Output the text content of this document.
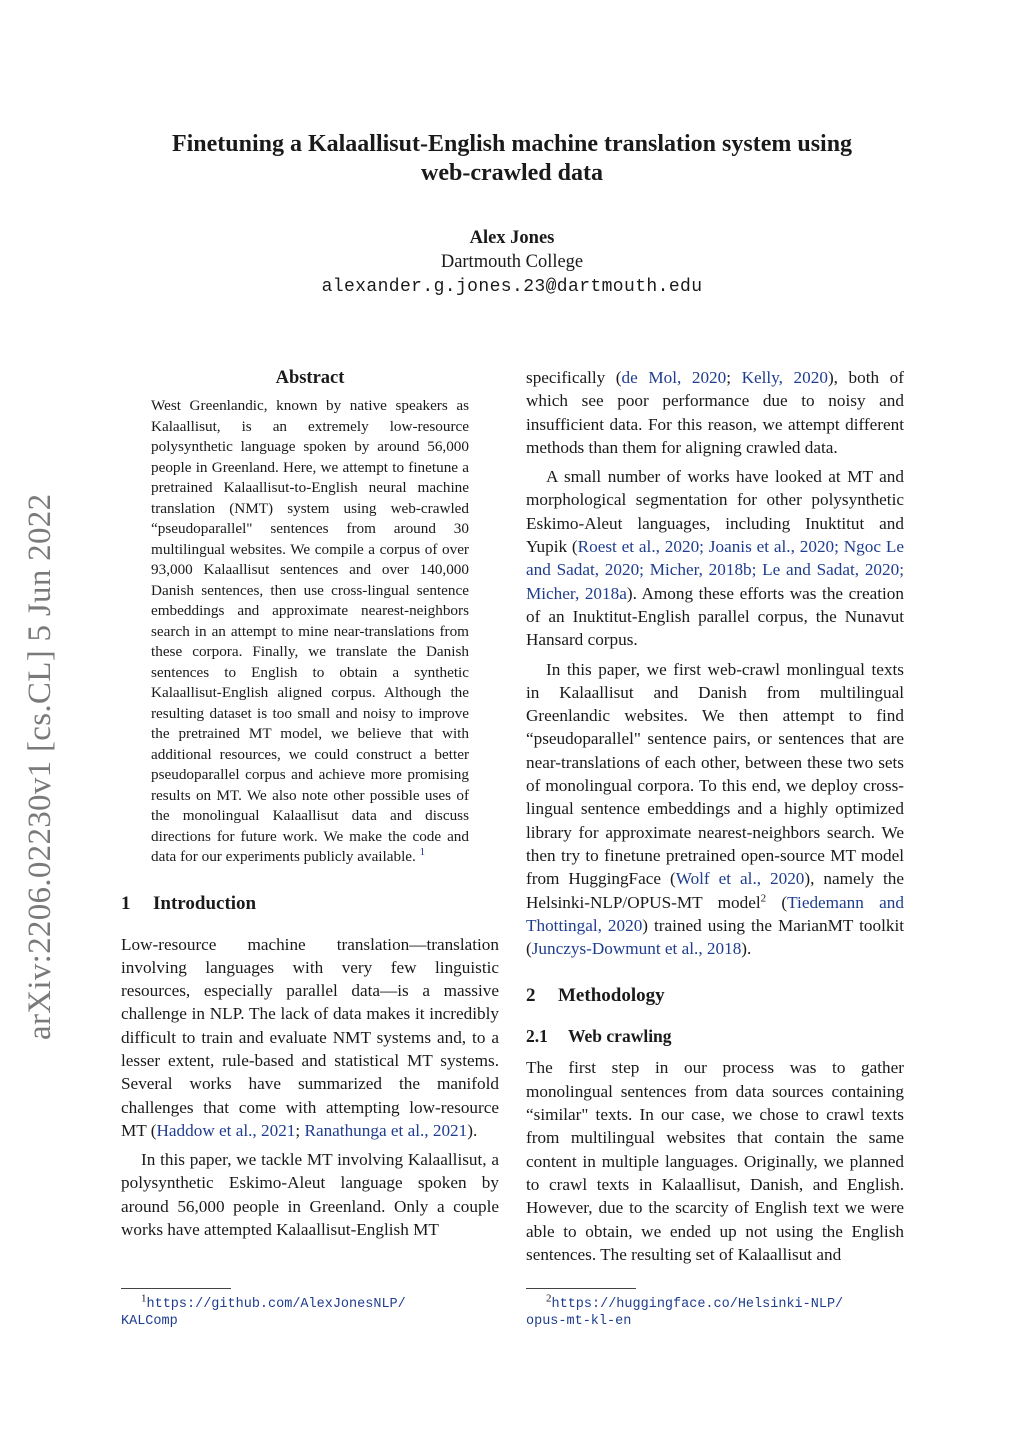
arXiv:2206.02230v1 [cs.CL] 5 Jun 2022
Finetuning a Kalaallisut-English machine translation system using
web-crawled data
Alex Jones
Dartmouth College
alexander.g.jones.23@dartmouth.edu
Abstract
West Greenlandic, known by native speakers as Kalaallisut, is an extremely low-resource polysynthetic language spoken by around 56,000 people in Greenland. Here, we attempt to finetune a pretrained Kalaallisut-to-English neural machine translation (NMT) system using web-crawled “pseudoparallel" sentences from around 30 multilingual websites. We compile a corpus of over 93,000 Kalaallisut sentences and over 140,000 Danish sentences, then use cross-lingual sentence embeddings and approximate nearest-neighbors search in an attempt to mine near-translations from these corpora. Finally, we translate the Danish sentences to English to obtain a synthetic Kalaallisut-English aligned corpus. Although the resulting dataset is too small and noisy to improve the pretrained MT model, we believe that with additional resources, we could construct a better pseudoparallel corpus and achieve more promising results on MT. We also note other possible uses of the monolingual Kalaallisut data and discuss directions for future work. We make the code and data for our experiments publicly available. $^1$
1 Introduction

Low-resource machine translation—translation involving languages with very few linguistic resources, especially parallel data—is a massive challenge in NLP. The lack of data makes it incredibly difficult to train and evaluate NMT systems and, to a lesser extent, rule-based and statistical MT systems. Several works have summarized the manifold challenges that come with attempting low-resource MT (Haddow et al., 2021; Ranathunga et al., 2021).

In this paper, we tackle MT involving Kalaallisut, a polysynthetic Eskimo-Aleut language spoken by around 56,000 people in Greenland. Only a couple works have attempted Kalaallisut-English MT

specifically (de Mol, 2020; Kelly, 2020), both of which see poor performance due to noisy and insufficient data. For this reason, we attempt different methods than them for aligning crawled data.

A small number of works have looked at MT and morphological segmentation for other polysynthetic Eskimo-Aleut languages, including Inuktitut and Yupik (Roest et al., 2020; Joanis et al., 2020; Ngoc Le and Sadat, 2020; Micher, 2018b; Le and Sadat, 2020; Micher, 2018a). Among these efforts was the creation of an Inuktitut-English parallel corpus, the Nunavut Hansard corpus.

In this paper, we first web-crawl monlingual texts in Kalaallisut and Danish from multilingual Greenlandic websites. We then attempt to find “pseudoparallel" sentence pairs, or sentences that are near-translations of each other, between these two sets of monolingual corpora. To this end, we deploy cross-lingual sentence embeddings and a highly optimized library for approximate nearest-neighbors search. We then try to finetune pretrained open-source MT model from HuggingFace (Wolf et al., 2020), namely the Helsinki-NLP/OPUS-MT model$^2$ (Tiedemann and Thottingal, 2020) trained using the MarianMT toolkit (Junczys-Dowmunt et al., 2018).

2 Methodology
2.1 Web crawling

The first step in our process was to gather monolingual sentences from data sources containing “similar" texts. In our case, we chose to crawl texts from multilingual websites that contain the same content in multiple languages. Originally, we planned to crawl texts in Kalaallisut, Danish, and English. However, due to the scarcity of English text we were able to obtain, we ended up not using the English sentences. The resulting set of Kalaallisut and

$^1$https://github.com/AlexJonesNLP/
KALComp
$^2$https://huggingface.co/Helsinki-NLP/
opus-mt-kl-en
